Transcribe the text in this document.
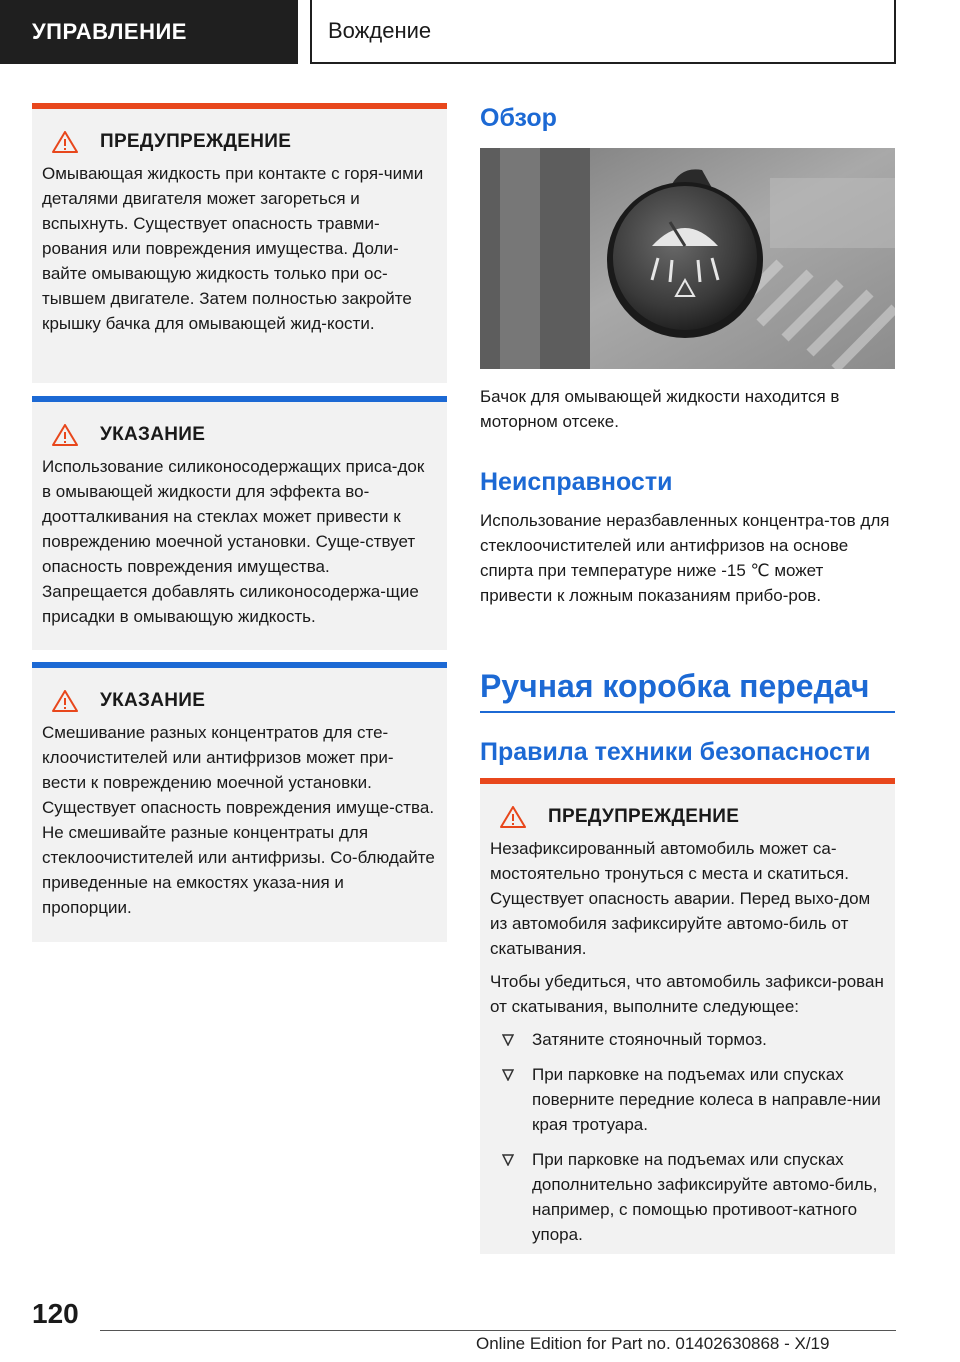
УПРАВЛЕНИЕ	Вождение
ПРЕДУПРЕЖДЕНИЕ
Омывающая жидкость при контакте с горя-чими деталями двигателя может загореться и вспыхнуть. Существует опасность травми-рования или повреждения имущества. Доли-вайте омывающую жидкость только при ос-тывшем двигателе. Затем полностью закройте крышку бачка для омывающей жид-кости.
УКАЗАНИЕ
Использование силиконосодержащих приса-док в омывающей жидкости для эффекта во-доотталкивания на стеклах может привести к повреждению моечной установки. Суще-ствует опасность повреждения имущества. Запрещается добавлять силиконосодержа-щие присадки в омывающую жидкость.
УКАЗАНИЕ
Смешивание разных концентратов для сте-клоочистителей или антифризов может при-вести к повреждению моечной установки. Существует опасность повреждения имуще-ства. Не смешивайте разные концентраты для стеклоочистителей или антифризы. Со-блюдайте приведенные на емкостях указа-ния и пропорции.
Обзор
Бачок для омывающей жидкости находится в моторном отсеке.
Неисправности
Использование неразбавленных концентра-тов для стеклоочистителей или антифризов на основе спирта при температуре ниже -15 ℃ может привести к ложным показаниям прибо-ров.
Ручная коробка передач
Правила техники безопасности
ПРЕДУПРЕЖДЕНИЕ

Незафиксированный автомобиль может са-мостоятельно тронуться с места и скатиться. Существует опасность аварии. Перед выхо-дом из автомобиля зафиксируйте автомо-биль от скатывания.

Чтобы убедиться, что автомобиль зафикси-рован от скатывания, выполните следующее:

Затяните стояночный тормоз.
При парковке на подъемах или спусках поверните передние колеса в направле-нии края тротуара.
При парковке на подъемах или спусках дополнительно зафиксируйте автомо-биль, например, с помощью противоот-катного упора.
120
Online Edition for Part no. 01402630868 - X/19
